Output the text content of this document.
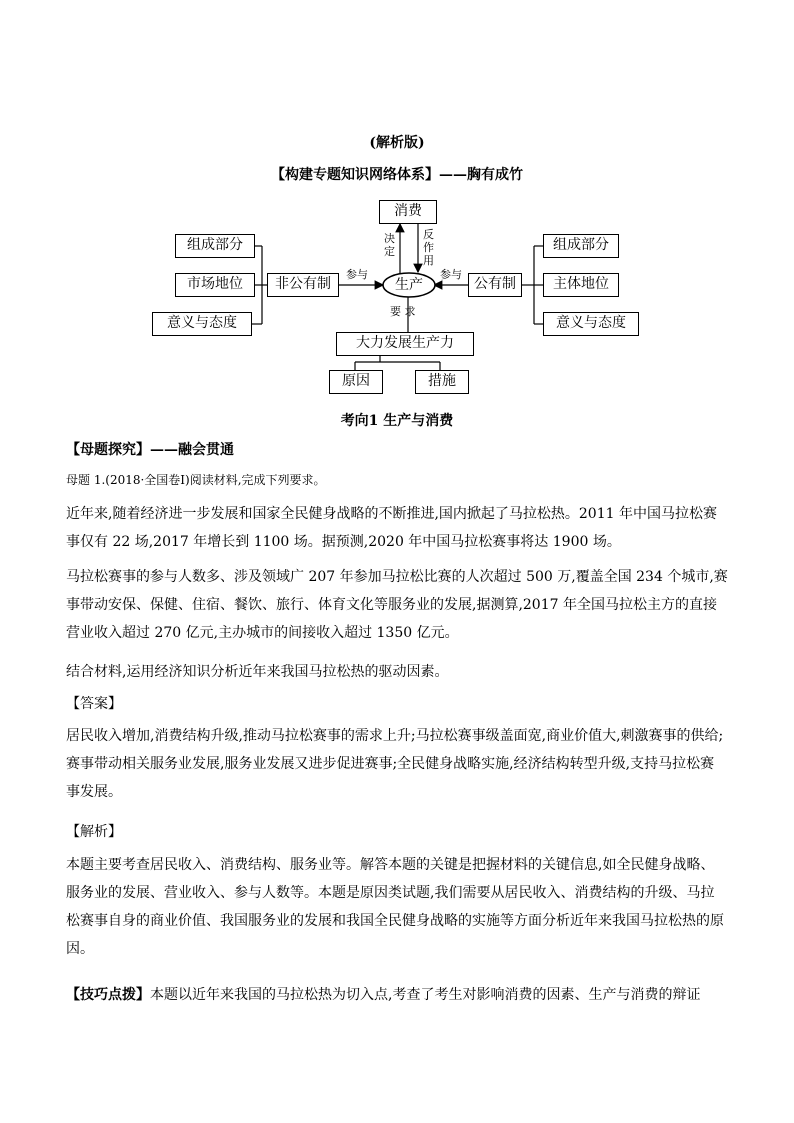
(解析版)
【构建专题知识网络体系】——胸有成竹
消费
生产
决定
反作用
参与	参与
要 求
组成部分
市场地位
意义与态度
非公有制	公有制
组成部分
主体地位
意义与态度
大力发展生产力
原因	措施
考向1 生产与消费
【母题探究】——融会贯通
母题 1.(2018·全国卷Ⅰ)阅读材料,完成下列要求。
近年来,随着经济进一步发展和国家全民健身战略的不断推进,国内掀起了马拉松热。2011 年中国马拉松赛事仅有 22 场,2017 年增长到 1100 场。据预测,2020 年中国马拉松赛事将达 1900 场。
马拉松赛事的参与人数多、涉及领域广 207 年参加马拉松比赛的人次超过 500 万,覆盖全国 234 个城市,赛事带动安保、保健、住宿、餐饮、旅行、体育文化等服务业的发展,据测算,2017 年全国马拉松主方的直接营业收入超过 270 亿元,主办城市的间接收入超过 1350 亿元。
结合材料,运用经济知识分析近年来我国马拉松热的驱动因素。
【答案】
居民收入增加,消费结构升级,推动马拉松赛事的需求上升;马拉松赛事级盖面宽,商业价值大,刺激赛事的供给;赛事带动相关服务业发展,服务业发展又进步促进赛事;全民健身战略实施,经济结构转型升级,支持马拉松赛事发展。
【解析】
本题主要考查居民收入、消费结构、服务业等。解答本题的关键是把握材料的关键信息,如全民健身战略、服务业的发展、营业收入、参与人数等。本题是原因类试题,我们需要从居民收入、消费结构的升级、马拉松赛事自身的商业价值、我国服务业的发展和我国全民健身战略的实施等方面分析近年来我国马拉松热的原因。
【技巧点拨】本题以近年来我国的马拉松热为切入点,考查了考生对影响消费的因素、生产与消费的辩证
